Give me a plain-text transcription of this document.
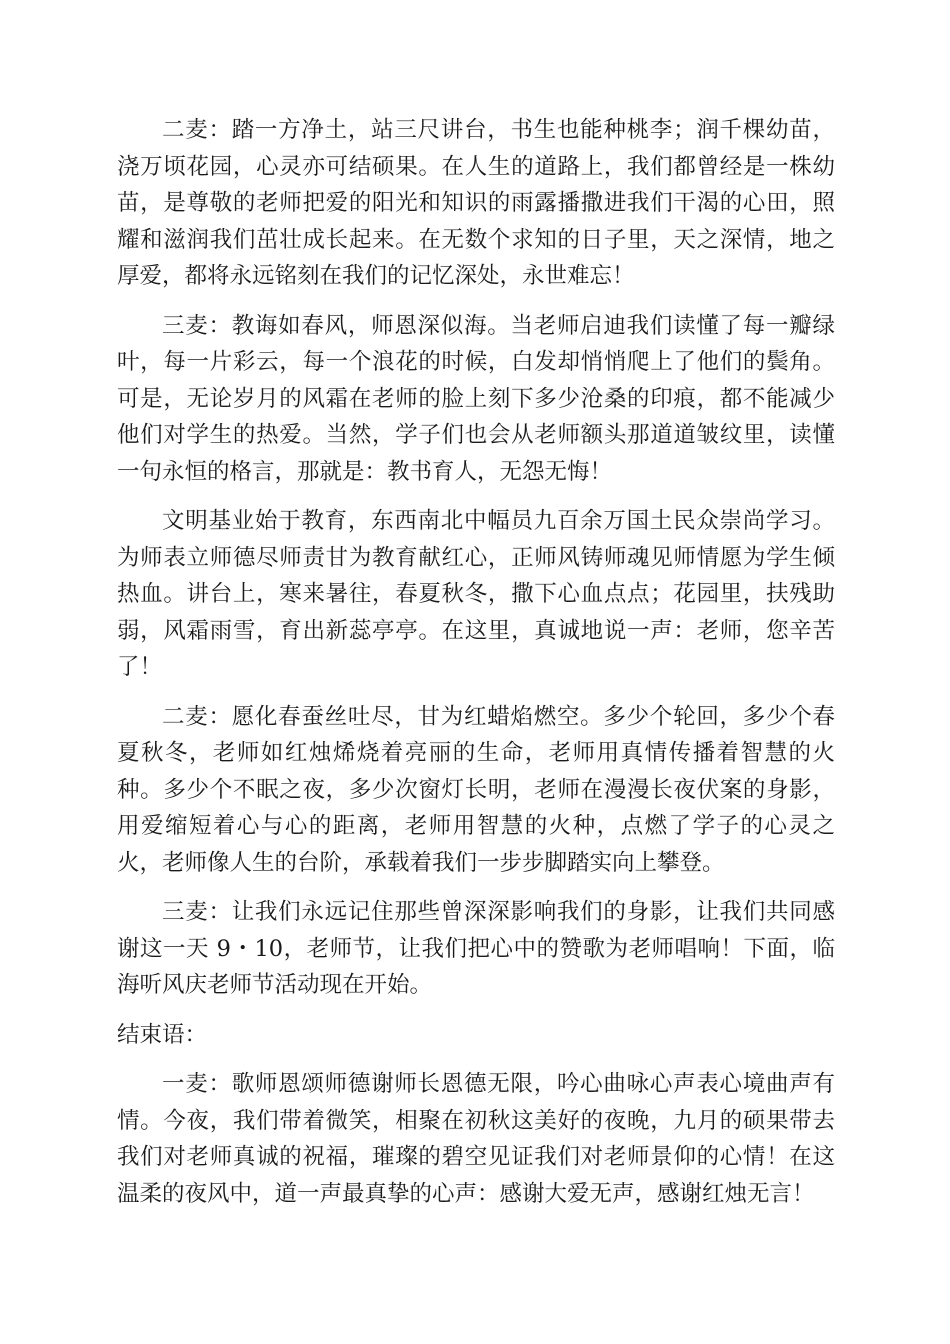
二麦：踏一方净土，站三尺讲台，书生也能种桃李；润千棵幼苗，浇万顷花园，心灵亦可结硕果。在人生的道路上，我们都曾经是一株幼苗，是尊敬的老师把爱的阳光和知识的雨露播撒进我们干渴的心田，照耀和滋润我们茁壮成长起来。在无数个求知的日子里，天之深情，地之厚爱，都将永远铭刻在我们的记忆深处，永世难忘！

三麦：教诲如春风，师恩深似海。当老师启迪我们读懂了每一瓣绿叶，每一片彩云，每一个浪花的时候，白发却悄悄爬上了他们的鬓角。可是，无论岁月的风霜在老师的脸上刻下多少沧桑的印痕，都不能减少他们对学生的热爱。当然，学子们也会从老师额头那道道皱纹里，读懂一句永恒的格言，那就是：教书育人，无怨无悔！

文明基业始于教育，东西南北中幅员九百余万国土民众崇尚学习。为师表立师德尽师责甘为教育献红心，正师风铸师魂见师情愿为学生倾热血。讲台上，寒来暑往，春夏秋冬，撒下心血点点；花园里，扶残助弱，风霜雨雪，育出新蕊亭亭。在这里，真诚地说一声：老师，您辛苦了！

二麦：愿化春蚕丝吐尽，甘为红蜡焰燃空。多少个轮回，多少个春夏秋冬，老师如红烛烯烧着亮丽的生命，老师用真情传播着智慧的火种。多少个不眠之夜，多少次窗灯长明，老师在漫漫长夜伏案的身影，用爱缩短着心与心的距离，老师用智慧的火种，点燃了学子的心灵之火，老师像人生的台阶，承载着我们一步步脚踏实向上攀登。

三麦：让我们永远记住那些曾深深影响我们的身影，让我们共同感谢这一天 9・10，老师节，让我们把心中的赞歌为老师唱响！下面，临海听风庆老师节活动现在开始。

结束语：

一麦：歌师恩颂师德谢师长恩德无限，吟心曲咏心声表心境曲声有情。今夜，我们带着微笑，相聚在初秋这美好的夜晚，九月的硕果带去我们对老师真诚的祝福，璀璨的碧空见证我们对老师景仰的心情！在这温柔的夜风中，道一声最真挚的心声：感谢大爱无声，感谢红烛无言！
